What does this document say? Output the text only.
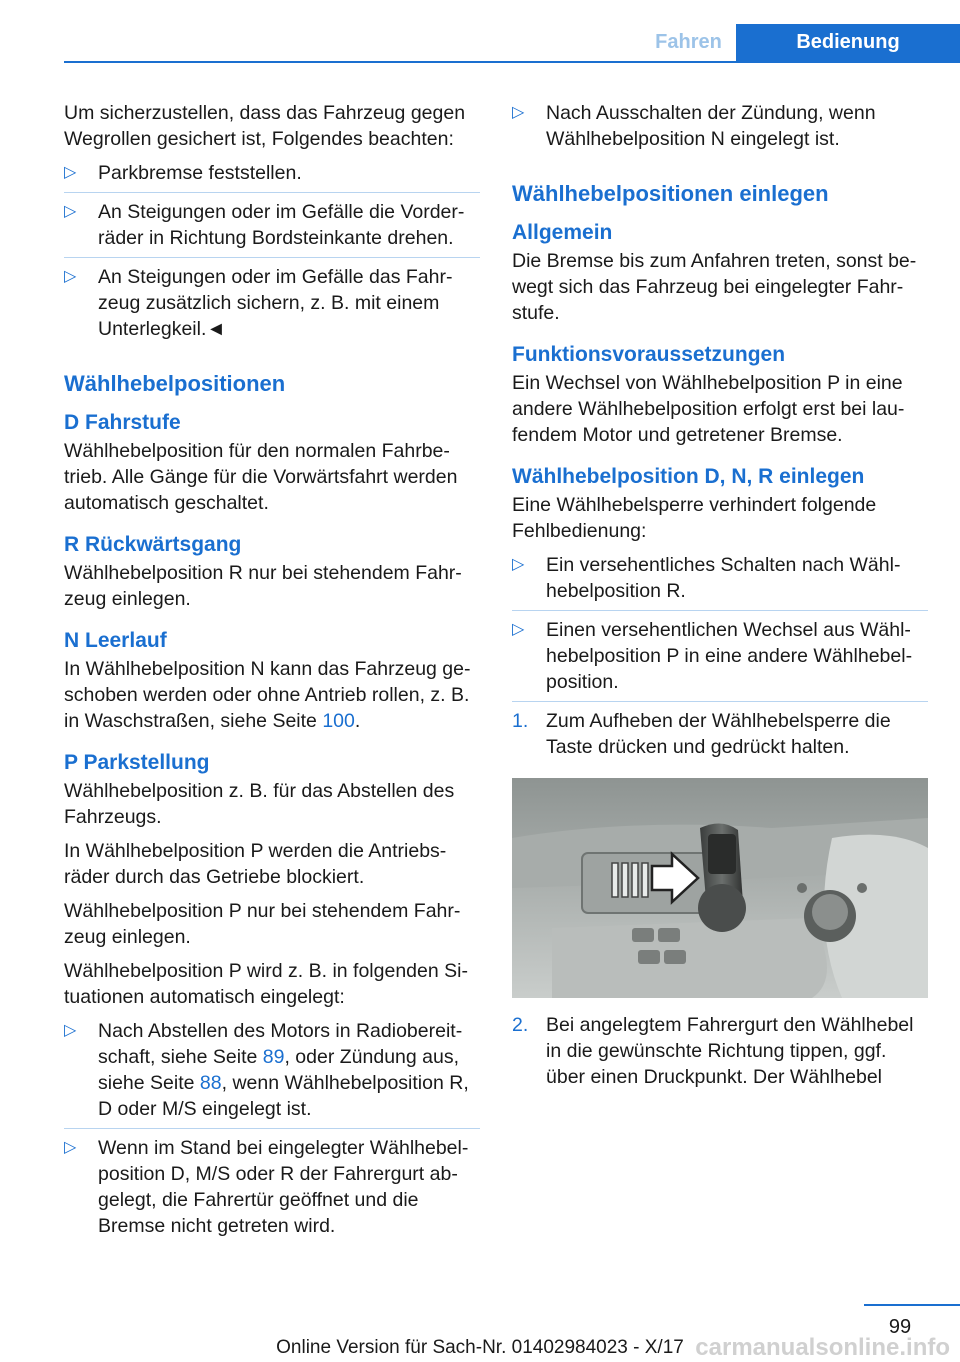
Fahren	Bedienung

Um sicherzustellen, dass das Fahrzeug gegen Wegrollen gesichert ist, Folgendes beachten:

▷ Parkbremse feststellen.
▷ An Steigungen oder im Gefälle die Vorder-räder in Richtung Bordsteinkante drehen.
▷ An Steigungen oder im Gefälle das Fahr-zeug zusätzlich sichern, z. B. mit einem Unterlegkeil.◄
Wählhebelpositionen
D Fahrstufe

Wählhebelposition für den normalen Fahrbe-trieb. Alle Gänge für die Vorwärtsfahrt werden automatisch geschaltet.

R Rückwärtsgang

Wählhebelposition R nur bei stehendem Fahr-zeug einlegen.

N Leerlauf

In Wählhebelposition N kann das Fahrzeug ge-schoben werden oder ohne Antrieb rollen, z. B. in Waschstraßen, siehe Seite 100.

P Parkstellung

Wählhebelposition z. B. für das Abstellen des Fahrzeugs.

In Wählhebelposition P werden die Antriebs-räder durch das Getriebe blockiert.

Wählhebelposition P nur bei stehendem Fahr-zeug einlegen.

Wählhebelposition P wird z. B. in folgenden Si-tuationen automatisch eingelegt:

▷ Nach Abstellen des Motors in Radiobereit-schaft, siehe Seite 89, oder Zündung aus, siehe Seite 88, wenn Wählhebelposition R, D oder M/S eingelegt ist.
▷ Wenn im Stand bei eingelegter Wählhebel-position D, M/S oder R der Fahrergurt ab-gelegt, die Fahrertür geöffnet und die Bremse nicht getreten wird.
▷ Nach Ausschalten der Zündung, wenn Wählhebelposition N eingelegt ist.
Wählhebelpositionen einlegen
Allgemein

Die Bremse bis zum Anfahren treten, sonst be-wegt sich das Fahrzeug bei eingelegter Fahr-stufe.

Funktionsvoraussetzungen

Ein Wechsel von Wählhebelposition P in eine andere Wählhebelposition erfolgt erst bei lau-fendem Motor und getretener Bremse.

Wählhebelposition D, N, R einlegen

Eine Wählhebelsperre verhindert folgende Fehlbedienung:

▷ Ein versehentliches Schalten nach Wähl-hebelposition R.
▷ Einen versehentlichen Wechsel aus Wähl-hebelposition P in eine andere Wählhebel-position.
1. Zum Aufheben der Wählhebelsperre die Taste drücken und gedrückt halten.
2. Bei angelegtem Fahrergurt den Wählhebel in die gewünschte Richtung tippen, ggf. über einen Druckpunkt. Der Wählhebel
99
Online Version für Sach-Nr. 01402984023 - X/17 carmanualsonline.info
